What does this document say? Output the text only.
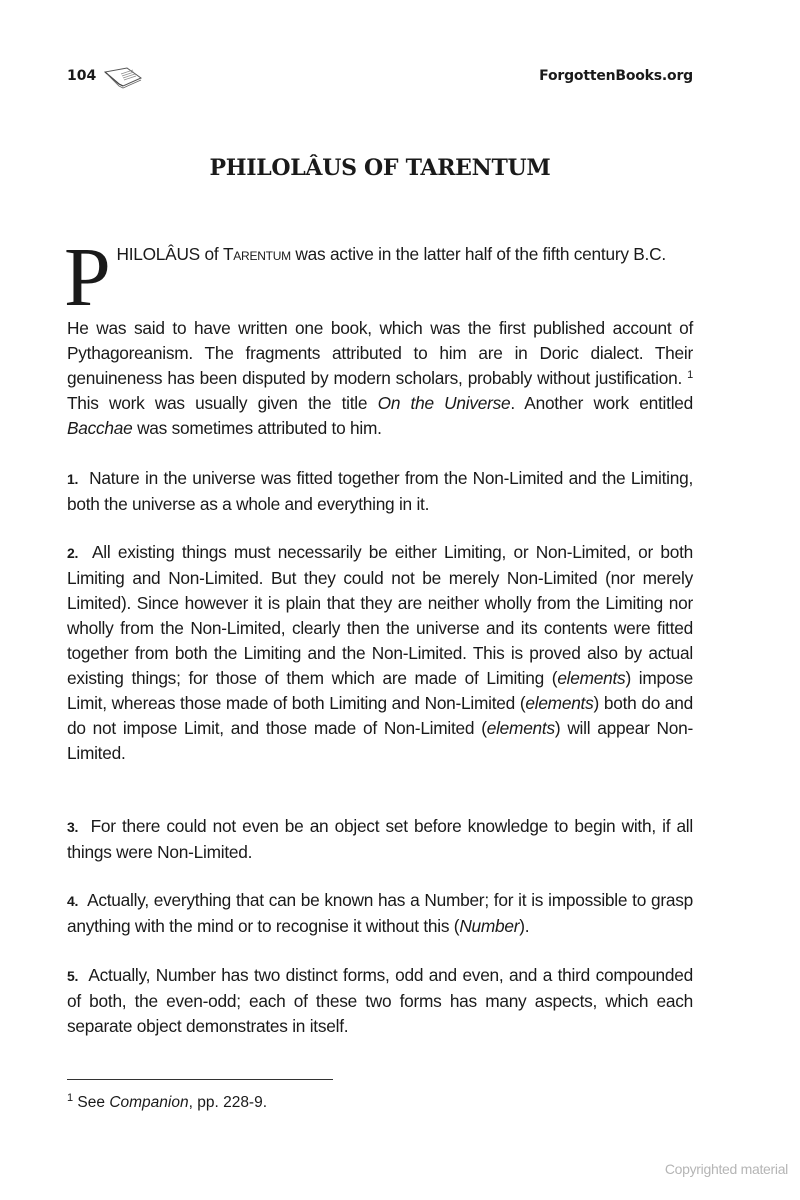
104	ForgottenBooks.org
PHILOLÂUS OF TARENTUM
PHILOLÂUS of Tarentum was active in the latter half of the fifth century B.C.

He was said to have written one book, which was the first published account of Pythagoreanism. The fragments attributed to him are in Doric dialect. Their genuineness has been disputed by modern scholars, probably without justification. $^1$ This work was usually given the title On the Universe. Another work entitled Bacchae was sometimes attributed to him.

1. Nature in the universe was fitted together from the Non-Limited and the Limiting, both the universe as a whole and everything in it.

2. All existing things must necessarily be either Limiting, or Non-Limited, or both Limiting and Non-Limited. But they could not be merely Non-Limited (nor merely Limited). Since however it is plain that they are neither wholly from the Limiting nor wholly from the Non-Limited, clearly then the universe and its contents were fitted together from both the Limiting and the Non-Limited. This is proved also by actual existing things; for those of them which are made of Limiting (elements) impose Limit, whereas those made of both Limiting and Non-Limited (elements) both do and do not impose Limit, and those made of Non-Limited (elements) will appear Non-Limited.

3. For there could not even be an object set before knowledge to begin with, if all things were Non-Limited.

4. Actually, everything that can be known has a Number; for it is impossible to grasp anything with the mind or to recognise it without this (Number).

5. Actually, Number has two distinct forms, odd and even, and a third compounded of both, the even-odd; each of these two forms has many aspects, which each separate object demonstrates in itself.

$^1$ See Companion, pp. 228-9.
Copyrighted material
